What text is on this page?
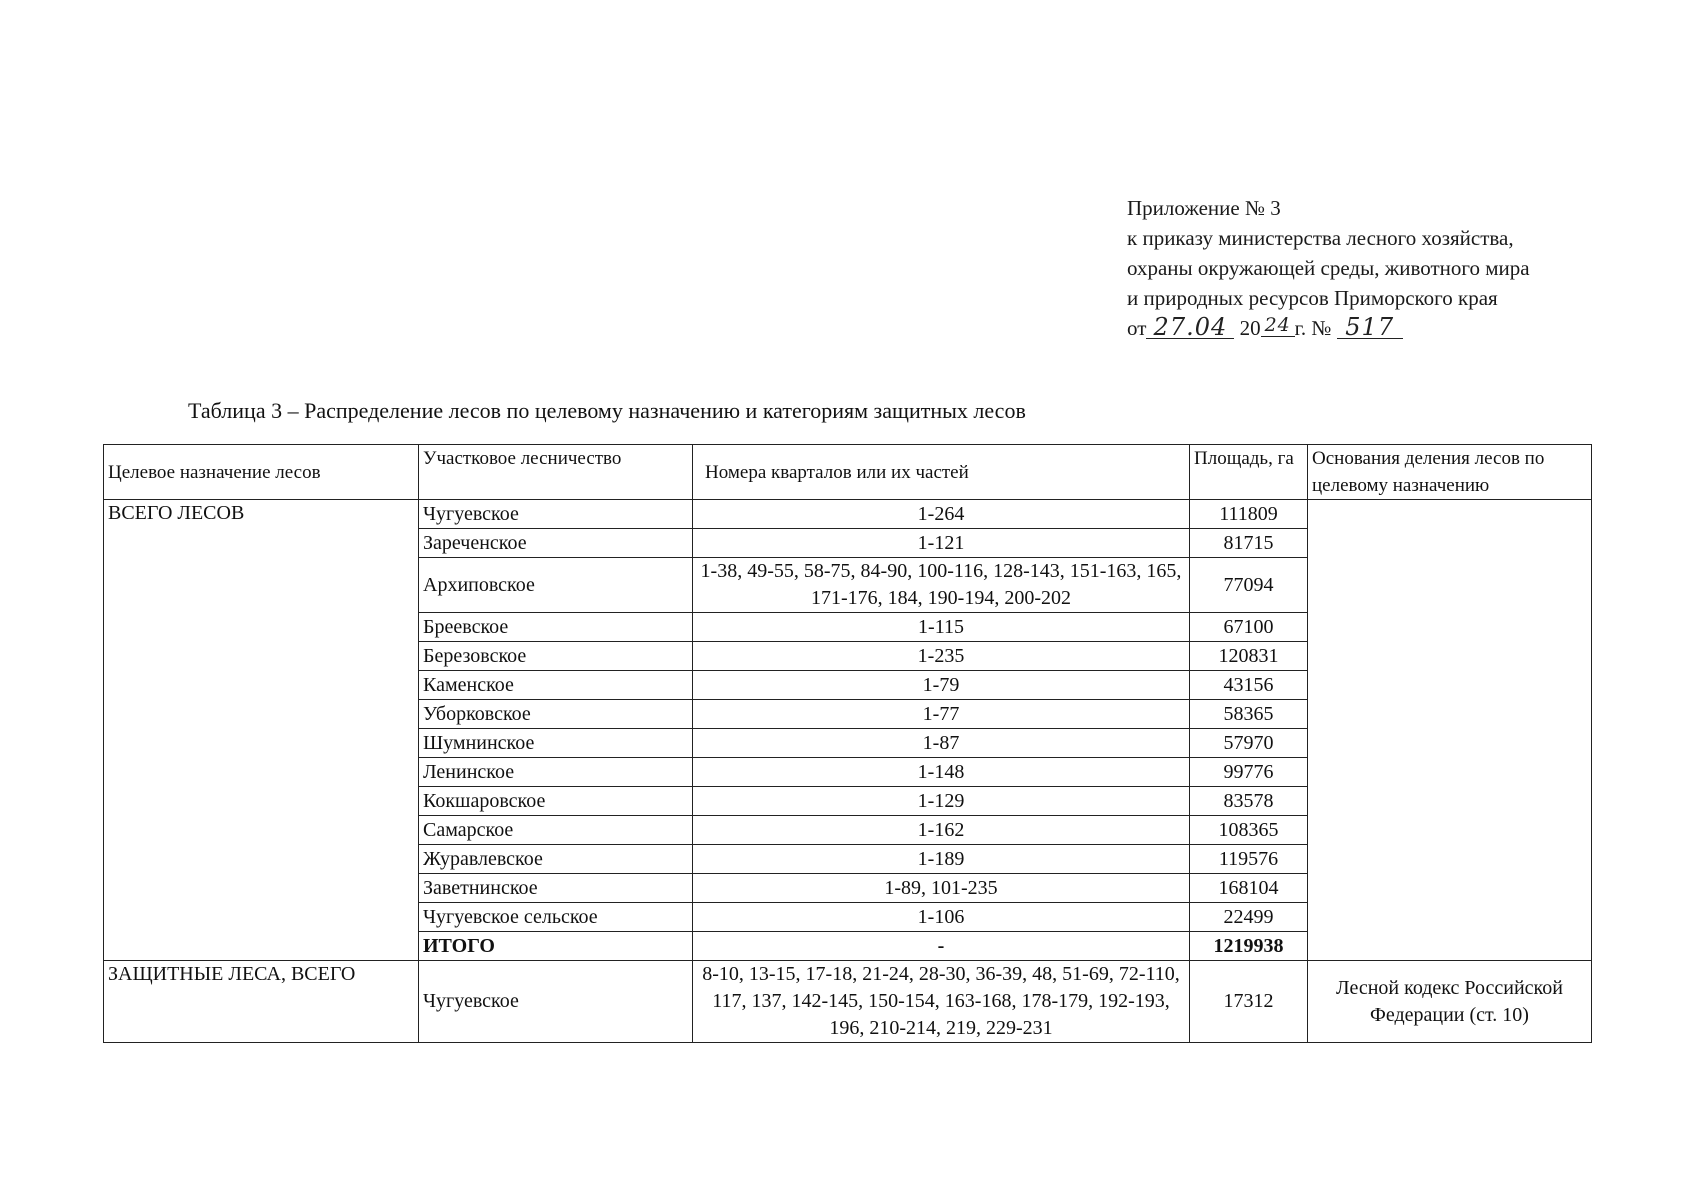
Приложение № 3
к приказу министерства лесного хозяйства,
охраны окружающей среды, животного мира
и природных ресурсов Приморского края
от 27.04 20 24 г. № 517
Таблица 3 – Распределение лесов по целевому назначению и категориям защитных лесов
Целевое назначение лесов	Участковое лесничество	Номера кварталов или их частей	Площадь, га	Основания деления лесов по целевому назначению
ВСЕГО ЛЕСОВ	Чугуевское	1-264	111809	
	Зареченское	1-121	81715	
	Архиповское	1-38, 49-55, 58-75, 84-90, 100-116, 128-143, 151-163, 165, 171-176, 184, 190-194, 200-202	77094	
	Бреевское	1-115	67100	
	Березовское	1-235	120831	
	Каменское	1-79	43156	
	Уборковское	1-77	58365	
	Шумнинское	1-87	57970	
	Ленинское	1-148	99776	
	Кокшаровское	1-129	83578	
	Самарское	1-162	108365	
	Журавлевское	1-189	119576	
	Заветнинское	1-89, 101-235	168104	
	Чугуевское сельское	1-106	22499	
	ИТОГО	-	1219938	
ЗАЩИТНЫЕ ЛЕСА, ВСЕГО	Чугуевское	8-10, 13-15, 17-18, 21-24, 28-30, 36-39, 48, 51-69, 72-110, 117, 137, 142-145, 150-154, 163-168, 178-179, 192-193, 196, 210-214, 219, 229-231	17312	Лесной кодекс Российской Федерации (ст. 10)
